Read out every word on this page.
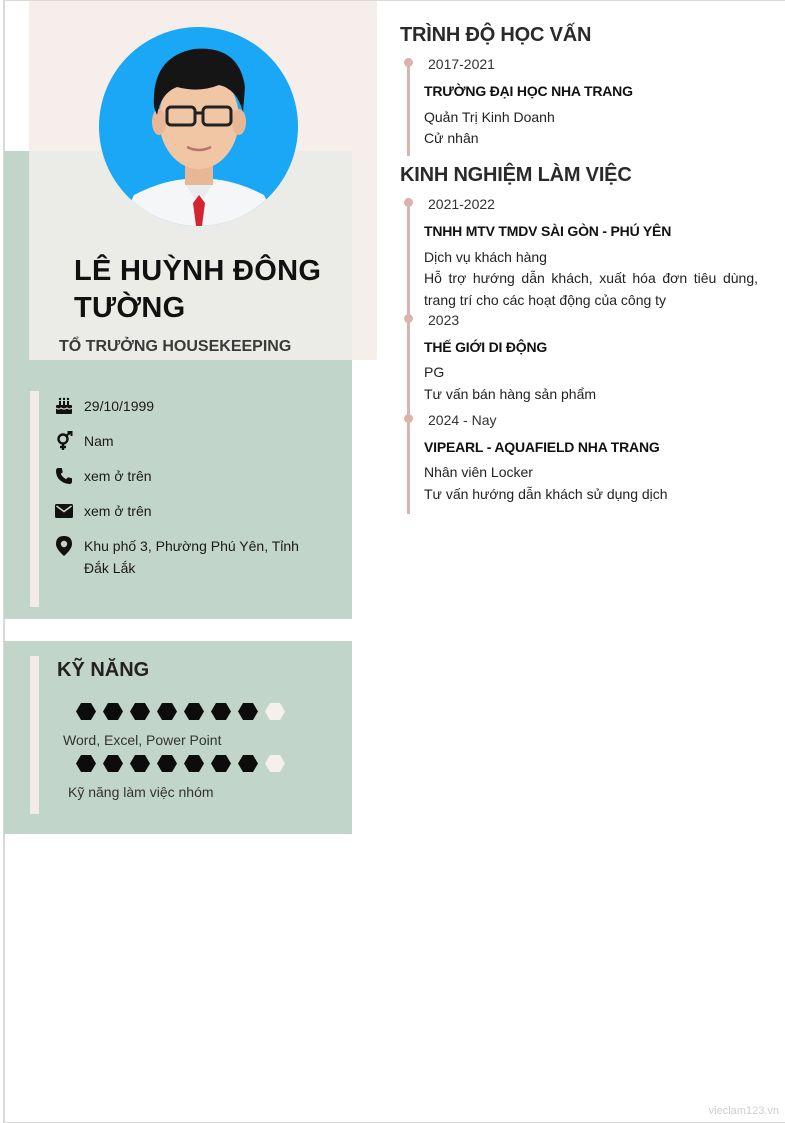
LÊ HUỲNH ĐÔNG TƯỜNG
TỔ TRƯỞNG HOUSEKEEPING
29/10/1999
Nam
xem ở trên
xem ở trên
Khu phố 3, Phường Phú Yên, Tỉnh Đắk Lắk
KỸ NĂNG
Word, Excel, Power Point
Kỹ năng làm việc nhóm
TRÌNH ĐỘ HỌC VẤN
2017-2021
TRƯỜNG ĐẠI HỌC NHA TRANG
Quản Trị Kinh Doanh
Cử nhân
KINH NGHIỆM LÀM VIỆC
2021-2022
TNHH MTV TMDV SÀI GÒN - PHÚ YÊN
Dịch vụ khách hàng
Hỗ trợ hướng dẫn khách, xuất hóa đơn tiêu dùng, trang trí cho các hoạt động của công ty
2023
THẾ GIỚI DI ĐỘNG
PG
Tư vấn bán hàng sản phẩm
2024 - Nay
VIPEARL - AQUAFIELD NHA TRANG
Nhân viên Locker
Tư vấn hướng dẫn khách sử dụng dịch
vieclam123.vn
